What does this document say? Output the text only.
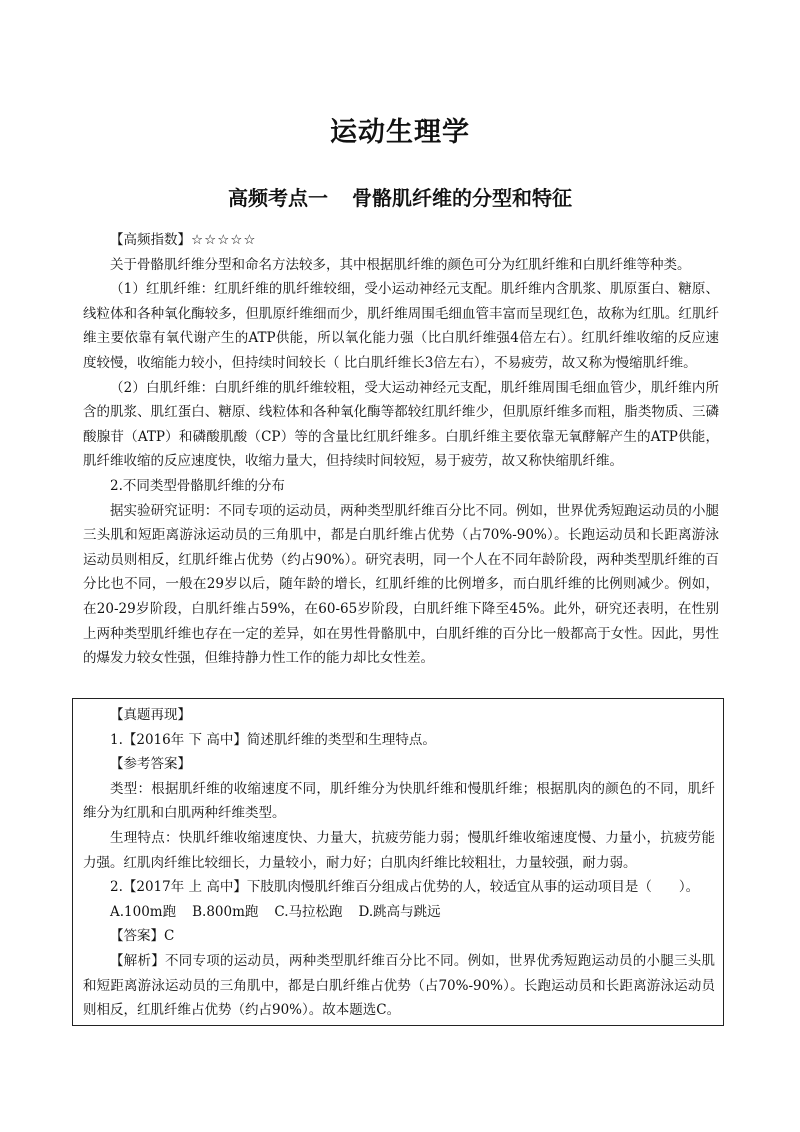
运动生理学
高频考点一 骨骼肌纤维的分型和特征

【高频指数】☆☆☆☆☆

关于骨骼肌纤维分型和命名方法较多，其中根据肌纤维的颜色可分为红肌纤维和白肌纤维等种类。

（1）红肌纤维：红肌纤维的肌纤维较细，受小运动神经元支配。肌纤维内含肌浆、肌原蛋白、糖原、线粒体和各种氧化酶较多，但肌原纤维细而少，肌纤维周围毛细血管丰富而呈现红色，故称为红肌。红肌纤维主要依靠有氧代谢产生的ATP供能，所以氧化能力强（比白肌纤维强4倍左右）。红肌纤维收缩的反应速度较慢，收缩能力较小，但持续时间较长（ 比白肌纤维长3倍左右），不易疲劳，故又称为慢缩肌纤维。

（2）白肌纤维：白肌纤维的肌纤维较粗，受大运动神经元支配，肌纤维周围毛细血管少，肌纤维内所含的肌浆、肌红蛋白、糖原、线粒体和各种氧化酶等都较红肌纤维少，但肌原纤维多而粗，脂类物质、三磷酸腺苷（ATP）和磷酸肌酸（CP）等的含量比红肌纤维多。白肌纤维主要依靠无氧酵解产生的ATP供能，肌纤维收缩的反应速度快，收缩力量大，但持续时间较短，易于疲劳，故又称快缩肌纤维。

2.不同类型骨骼肌纤维的分布

据实验研究证明：不同专项的运动员，两种类型肌纤维百分比不同。例如，世界优秀短跑运动员的小腿三头肌和短距离游泳运动员的三角肌中，都是白肌纤维占优势（占70%-90%）。长跑运动员和长距离游泳运动员则相反，红肌纤维占优势（约占90%）。研究表明，同一个人在不同年龄阶段，两种类型肌纤维的百分比也不同，一般在29岁以后，随年龄的增长，红肌纤维的比例增多，而白肌纤维的比例则减少。例如，在20-29岁阶段，白肌纤维占59%，在60-65岁阶段，白肌纤维下降至45%。此外，研究还表明，在性别上两种类型肌纤维也存在一定的差异，如在男性骨骼肌中，白肌纤维的百分比一般都高于女性。因此，男性的爆发力较女性强，但维持静力性工作的能力却比女性差。

【真题再现】

1.【2016年 下 高中】简述肌纤维的类型和生理特点。

【参考答案】

类型：根据肌纤维的收缩速度不同，肌纤维分为快肌纤维和慢肌纤维；根据肌肉的颜色的不同，肌纤维分为红肌和白肌两种纤维类型。

生理特点：快肌纤维收缩速度快、力量大，抗疲劳能力弱；慢肌纤维收缩速度慢、力量小，抗疲劳能力强。红肌肉纤维比较细长，力量较小，耐力好；白肌肉纤维比较粗壮，力量较强，耐力弱。

2.【2017年 上 高中】下肢肌肉慢肌纤维百分组成占优势的人，较适宜从事的运动项目是（　　）。

A.100m跑 B.800m跑 C.马拉松跑 D.跳高与跳远

【答案】C

【解析】不同专项的运动员，两种类型肌纤维百分比不同。例如，世界优秀短跑运动员的小腿三头肌和短距离游泳运动员的三角肌中，都是白肌纤维占优势（占70%-90%）。长跑运动员和长距离游泳运动员则相反，红肌纤维占优势（约占90%）。故本题选C。
